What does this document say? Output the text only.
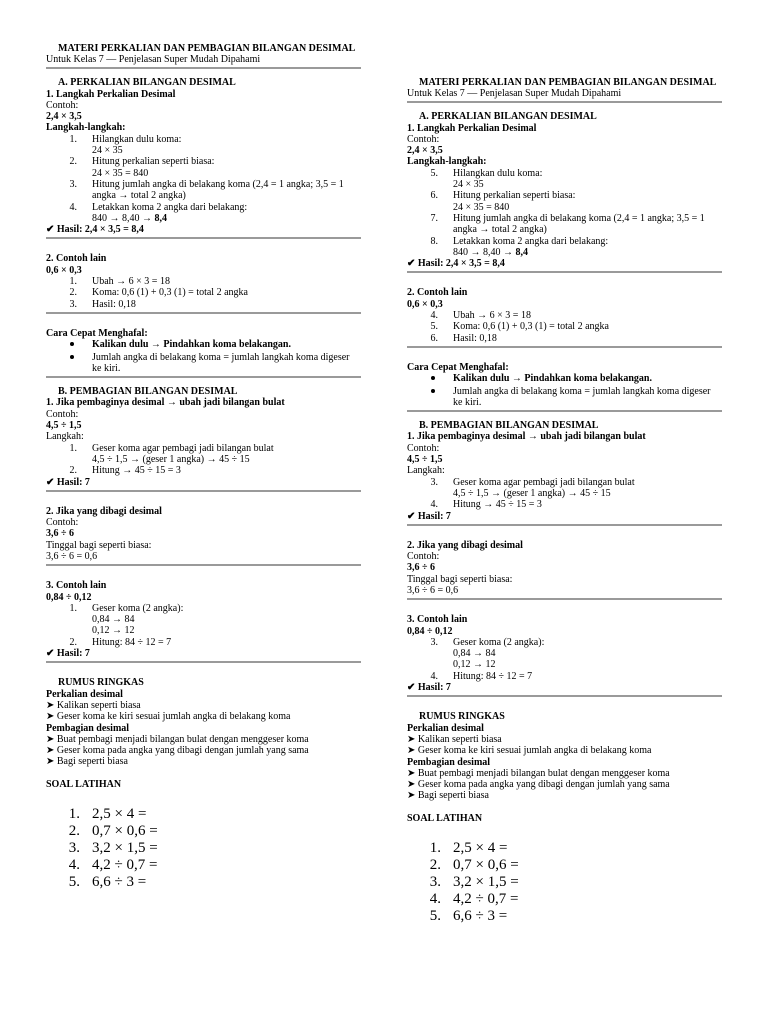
MATERI PERKALIAN DAN PEMBAGIAN BILANGAN DESIMAL

Untuk Kelas 7 — Penjelasan Super Mudah Dipahami

A. PERKALIAN BILANGAN DESIMAL

1. Langkah Perkalian Desimal

Contoh:

2,4 × 3,5

Langkah-langkah:

1. Hilangkan dulu koma:
24 × 35
2. Hitung perkalian seperti biasa:
24 × 35 = 840
3. Hitung jumlah angka di belakang koma (2,4 = 1 angka; 3,5 = 1 angka → total 2 angka)
4. Letakkan koma 2 angka dari belakang:
840 → 8,40 → 8,4

✔ Hasil: 2,4 × 3,5 = 8,4

2. Contoh lain

0,6 × 0,3

1. Ubah → 6 × 3 = 18
2. Koma: 0,6 (1) + 0,3 (1) = total 2 angka
3. Hasil: 0,18

Cara Cepat Menghafal:

Kalikan dulu → Pindahkan koma belakangan.
Jumlah angka di belakang koma = jumlah langkah koma digeser ke kiri.

B. PEMBAGIAN BILANGAN DESIMAL

1. Jika pembaginya desimal → ubah jadi bilangan bulat

Contoh:

4,5 ÷ 1,5

Langkah:

1. Geser koma agar pembagi jadi bilangan bulat
4,5 ÷ 1,5 → (geser 1 angka) → 45 ÷ 15
2. Hitung → 45 ÷ 15 = 3

✔ Hasil: 7

2. Jika yang dibagi desimal

Contoh:

3,6 ÷ 6

Tinggal bagi seperti biasa:

3,6 ÷ 6 = 0,6

3. Contoh lain

0,84 ÷ 0,12

1. Geser koma (2 angka):
0,84 → 84
0,12 → 12
2. Hitung: 84 ÷ 12 = 7

✔ Hasil: 7

RUMUS RINGKAS

Perkalian desimal

➤ Kalikan seperti biasa

➤ Geser koma ke kiri sesuai jumlah angka di belakang koma

Pembagian desimal

➤ Buat pembagi menjadi bilangan bulat dengan menggeser koma

➤ Geser koma pada angka yang dibagi dengan jumlah yang sama

➤ Bagi seperti biasa

SOAL LATIHAN

1. 2,5 × 4 =
2. 0,7 × 0,6 =
3. 3,2 × 1,5 =
4. 4,2 ÷ 0,7 =
5. 6,6 ÷ 3 =

MATERI PERKALIAN DAN PEMBAGIAN BILANGAN DESIMAL

Untuk Kelas 7 — Penjelasan Super Mudah Dipahami

A. PERKALIAN BILANGAN DESIMAL

1. Langkah Perkalian Desimal

Contoh:

2,4 × 3,5

Langkah-langkah:

5. Hilangkan dulu koma:
24 × 35
6. Hitung perkalian seperti biasa:
24 × 35 = 840
7. Hitung jumlah angka di belakang koma (2,4 = 1 angka; 3,5 = 1 angka → total 2 angka)
8. Letakkan koma 2 angka dari belakang:
840 → 8,40 → 8,4

✔ Hasil: 2,4 × 3,5 = 8,4

2. Contoh lain

0,6 × 0,3

4. Ubah → 6 × 3 = 18
5. Koma: 0,6 (1) + 0,3 (1) = total 2 angka
6. Hasil: 0,18

Cara Cepat Menghafal:

Kalikan dulu → Pindahkan koma belakangan.
Jumlah angka di belakang koma = jumlah langkah koma digeser ke kiri.

B. PEMBAGIAN BILANGAN DESIMAL

1. Jika pembaginya desimal → ubah jadi bilangan bulat

Contoh:

4,5 ÷ 1,5

Langkah:

3. Geser koma agar pembagi jadi bilangan bulat
4,5 ÷ 1,5 → (geser 1 angka) → 45 ÷ 15
4. Hitung → 45 ÷ 15 = 3

✔ Hasil: 7

2. Jika yang dibagi desimal

Contoh:

3,6 ÷ 6

Tinggal bagi seperti biasa:

3,6 ÷ 6 = 0,6

3. Contoh lain

0,84 ÷ 0,12

3. Geser koma (2 angka):
0,84 → 84
0,12 → 12
4. Hitung: 84 ÷ 12 = 7

✔ Hasil: 7

RUMUS RINGKAS

Perkalian desimal

➤ Kalikan seperti biasa

➤ Geser koma ke kiri sesuai jumlah angka di belakang koma

Pembagian desimal

➤ Buat pembagi menjadi bilangan bulat dengan menggeser koma

➤ Geser koma pada angka yang dibagi dengan jumlah yang sama

➤ Bagi seperti biasa

SOAL LATIHAN

1. 2,5 × 4 =
2. 0,7 × 0,6 =
3. 3,2 × 1,5 =
4. 4,2 ÷ 0,7 =
5. 6,6 ÷ 3 =
